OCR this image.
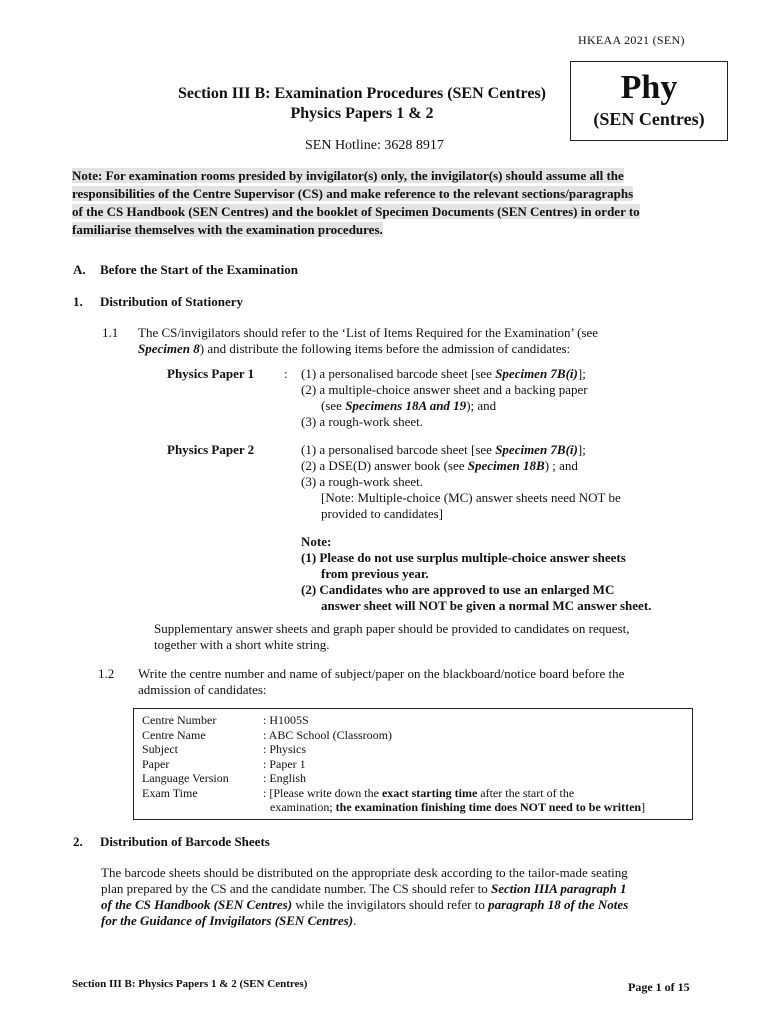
HKEAA 2021 (SEN)
Section III B: Examination Procedures (SEN Centres)
Physics Papers 1 & 2
Phy
(SEN Centres)
SEN Hotline: 3628 8917
Note: For examination rooms presided by invigilator(s) only, the invigilator(s) should assume all the
responsibilities of the Centre Supervisor (CS) and make reference to the relevant sections/paragraphs
of the CS Handbook (SEN Centres) and the booklet of Specimen Documents (SEN Centres) in order to
familiarise themselves with the examination procedures.
A. Before the Start of the Examination
1. Distribution of Stationery
1.1 The CS/invigilators should refer to the ‘List of Items Required for the Examination’ (see
Specimen 8) and distribute the following items before the admission of candidates:
Physics Paper 1 : (1) a personalised barcode sheet [see Specimen 7B(i)];
(2) a multiple-choice answer sheet and a backing paper
(see Specimens 18A and 19); and
(3) a rough-work sheet.
Physics Paper 2	(1) a personalised barcode sheet [see Specimen 7B(i)];
(2) a DSE(D) answer book (see Specimen 18B) ; and
(3) a rough-work sheet.
[Note: Multiple-choice (MC) answer sheets need NOT be
provided to candidates]
Note:
(1) Please do not use surplus multiple-choice answer sheets
from previous year.
(2) Candidates who are approved to use an enlarged MC
answer sheet will NOT be given a normal MC answer sheet.
Supplementary answer sheets and graph paper should be provided to candidates on request,
together with a short white string.
1.2 Write the centre number and name of subject/paper on the blackboard/notice board before the
admission of candidates:
Centre Number	: H1005S
Centre Name	: ABC School (Classroom)
Subject	: Physics
Paper	: Paper 1
Language Version	: English
Exam Time	: [Please write down the exact starting time after the start of the
examination; the examination finishing time does NOT need to be written]
2. Distribution of Barcode Sheets
The barcode sheets should be distributed on the appropriate desk according to the tailor-made seating
plan prepared by the CS and the candidate number. The CS should refer to Section IIIA paragraph 1
of the CS Handbook (SEN Centres) while the invigilators should refer to paragraph 18 of the Notes
for the Guidance of Invigilators (SEN Centres).
Section III B: Physics Papers 1 & 2 (SEN Centres)	Page 1 of 15
